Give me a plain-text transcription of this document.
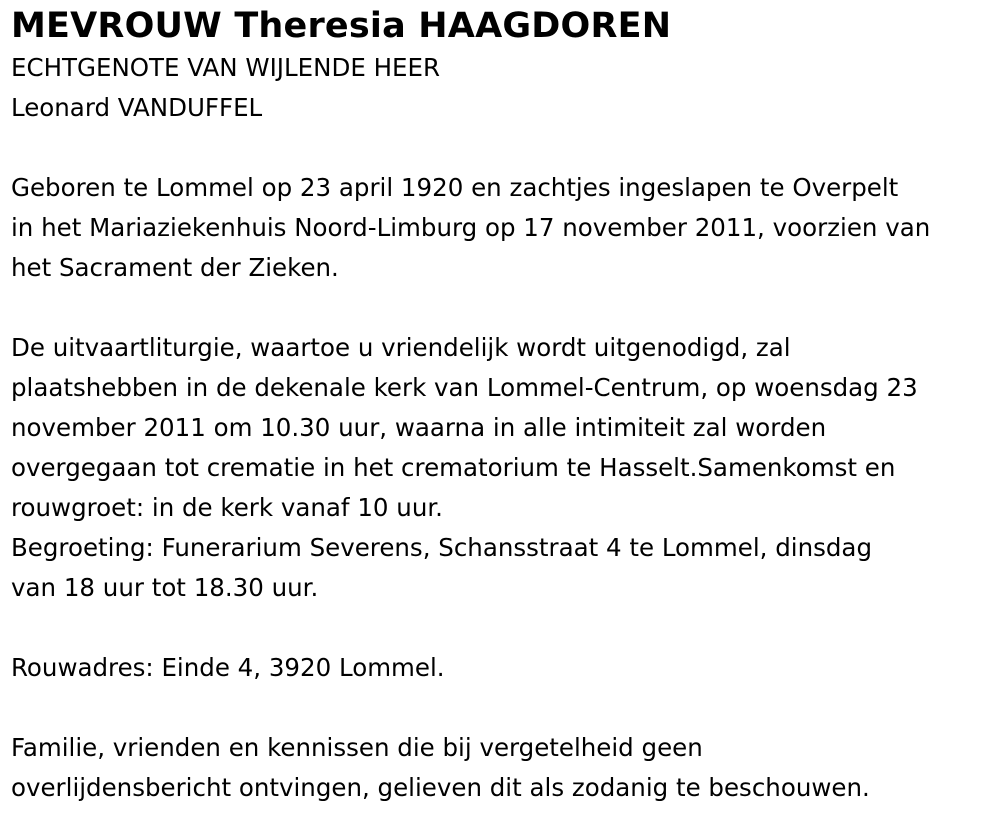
MEVROUW Theresia HAAGDOREN

ECHTGENOTE VAN WIJLENDE HEER

Leonard VANDUFFEL

Geboren te Lommel op 23 april 1920 en zachtjes ingeslapen te Overpelt

in het Mariaziekenhuis Noord-Limburg op 17 november 2011, voorzien van

het Sacrament der Zieken.

De uitvaartliturgie, waartoe u vriendelijk wordt uitgenodigd, zal

plaatshebben in de dekenale kerk van Lommel-Centrum, op woensdag 23

november 2011 om 10.30 uur, waarna in alle intimiteit zal worden

overgegaan tot crematie in het crematorium te Hasselt.Samenkomst en

rouwgroet: in de kerk vanaf 10 uur.

Begroeting: Funerarium Severens, Schansstraat 4 te Lommel, dinsdag

van 18 uur tot 18.30 uur.

Rouwadres: Einde 4, 3920 Lommel.

Familie, vrienden en kennissen die bij vergetelheid geen

overlijdensbericht ontvingen, gelieven dit als zodanig te beschouwen.
